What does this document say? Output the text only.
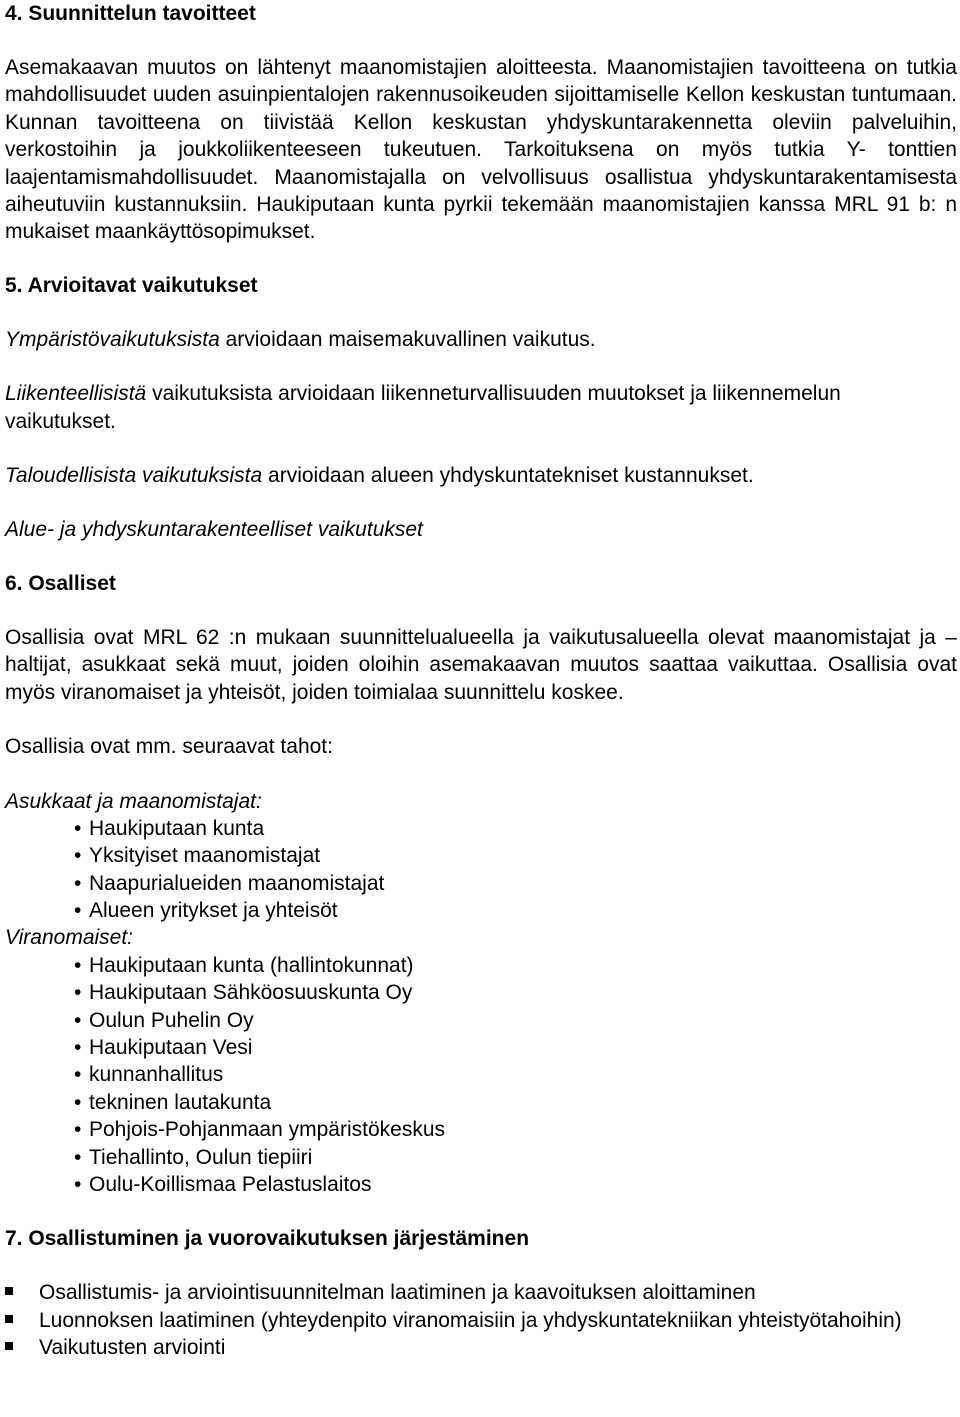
4. Suunnittelun tavoitteet

Asemakaavan muutos on lähtenyt maanomistajien aloitteesta. Maanomistajien tavoitteena on tutkia mahdollisuudet uuden asuinpientalojen rakennusoikeuden sijoittamiselle Kellon keskustan tuntumaan. Kunnan tavoitteena on tiivistää Kellon keskustan yhdyskuntarakennetta oleviin palveluihin, verkostoihin ja joukkoliikenteeseen tukeutuen. Tarkoituksena on myös tutkia Y- tonttien laajentamismahdollisuudet. Maanomistajalla on velvollisuus osallistua yhdyskuntarakentamisesta aiheutuviin kustannuksiin. Haukiputaan kunta pyrkii tekemään maanomistajien kanssa MRL 91 b: n mukaiset maankäyttösopimukset.

5. Arvioitavat vaikutukset

Ympäristövaikutuksista arvioidaan maisemakuvallinen vaikutus.

Liikenteellisistä vaikutuksista arvioidaan liikenneturvallisuuden muutokset ja liikennemelun vaikutukset.

Taloudellisista vaikutuksista arvioidaan alueen yhdyskuntatekniset kustannukset.

Alue- ja yhdyskuntarakenteelliset vaikutukset

6. Osalliset

Osallisia ovat MRL 62 :n mukaan suunnittelualueella ja vaikutusalueella olevat maanomistajat ja – haltijat, asukkaat sekä muut, joiden oloihin asemakaavan muutos saattaa vaikuttaa. Osallisia ovat myös viranomaiset ja yhteisöt, joiden toimialaa suunnittelu koskee.

Osallisia ovat mm. seuraavat tahot:

Asukkaat ja maanomistajat:

• Haukiputaan kunta
• Yksityiset maanomistajat
• Naapurialueiden maanomistajat
• Alueen yritykset ja yhteisöt

Viranomaiset:

• Haukiputaan kunta (hallintokunnat)
• Haukiputaan Sähköosuuskunta Oy
• Oulun Puhelin Oy
• Haukiputaan Vesi
• kunnanhallitus
• tekninen lautakunta
• Pohjois-Pohjanmaan ympäristökeskus
• Tiehallinto, Oulun tiepiiri
• Oulu-Koillismaa Pelastuslaitos
7. Osallistuminen ja vuorovaikutuksen järjestäminen
Osallistumis- ja arviointisuunnitelman laatiminen ja kaavoituksen aloittaminen
Luonnoksen laatiminen (yhteydenpito viranomaisiin ja yhdyskuntatekniikan yhteistyötahoihin)
Vaikutusten arviointi
